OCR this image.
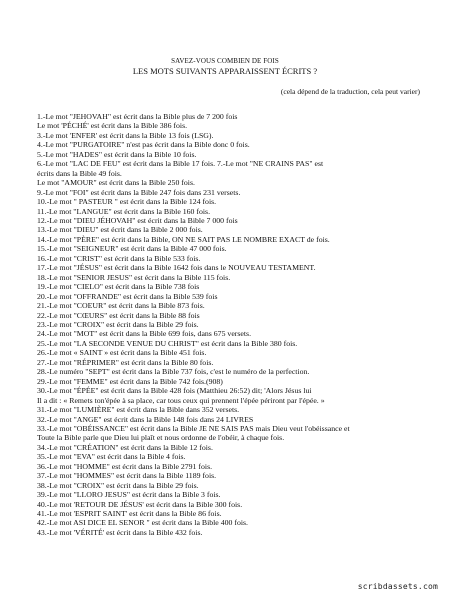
SAVEZ-VOUS COMBIEN DE FOIS
LES MOTS SUIVANTS APPARAISSENT ÉCRITS ?
(cela dépend de la traduction, cela peut varier)
1.-Le mot "JEHOVAH" est écrit dans la Bible plus de 7 200 fois
Le mot 'PÉCHÉ' est écrit dans la Bible 386 fois.
3.-Le mot 'ENFER' est écrit dans la Bible 13 fois (LSG).
4.-Le mot "PURGATOIRE" n'est pas écrit dans la Bible donc 0 fois.
5.-Le mot "HADES" est écrit dans la Bible 10 fois.
6.-Le mot "LAC DE FEU" est écrit dans la Bible 17 fois. 7.-Le mot "NE CRAINS PAS" est
écrits dans la Bible 49 fois.
Le mot "AMOUR" est écrit dans la Bible 250 fois.
9.-Le mot "FOI" est écrit dans la Bible 247 fois dans 231 versets.
10.-Le mot " PASTEUR " est écrit dans la Bible 124 fois.
11.-Le mot "LANGUE" est écrit dans la Bible 160 fois.
12.-Le mot "DIEU JÉHOVAH" est écrit dans la Bible 7 000 fois
13.-Le mot "DIEU" est écrit dans la Bible 2 000 fois.
14.-Le mot "PÈRE" est écrit dans la Bible, ON NE SAIT PAS LE NOMBRE EXACT de fois.
15.-Le mot "SEIGNEUR" est écrit dans la Bible 47 000 fois.
16.-Le mot "CRIST" est écrit dans la Bible 533 fois.
17.-Le mot "JÉSUS" est écrit dans la Bible 1642 fois dans le NOUVEAU TESTAMENT.
18.-Le mot "SENIOR JESUS" est écrit dans la Bible 115 fois.
19.-Le mot "CIELO" est écrit dans la Bible 738 fois
20.-Le mot "OFFRANDE" est écrit dans la Bible 539 fois
21.-Le mot "COEUR" est écrit dans la Bible 873 fois.
22.-Le mot "CŒURS" est écrit dans la Bible 88 fois
23.-Le mot "CROIX" est écrit dans la Bible 29 fois.
24.-Le mot "MOT" est écrit dans la Bible 699 fois, dans 675 versets.
25.-Le mot "LA SECONDE VENUE DU CHRIST" est écrit dans la Bible 380 fois.
26.-Le mot « SAINT » est écrit dans la Bible 451 fois.
27.-Le mot "RÉPRIMER" est écrit dans la Bible 80 fois.
28.-Le numéro "SEPT" est écrit dans la Bible 737 fois, c'est le numéro de la perfection.
29.-Le mot "FEMME" est écrit dans la Bible 742 fois.(908)
30.-Le mot "ÉPÉE" est écrit dans la Bible 428 fois (Matthieu 26:52) dit; 'Alors Jésus lui
Il a dit : « Remets ton'épée à sa place, car tous ceux qui prennent l'épée périront par l'épée. »
31.-Le mot "LUMIÈRE" est écrit dans la Bible dans 352 versets.
32.-Le mot "ANGE" est écrit dans la Bible 148 fois dans 24 LIVRES
33.-Le mot "OBÉISSANCE" est écrit dans la Bible JE NE SAIS PAS mais Dieu veut l'obéissance et
Toute la Bible parle que Dieu lui plaît et nous ordonne de l'obéir, à chaque fois.
34.-Le mot "CRÉATION" est écrit dans la Bible 12 fois.
35.-Le mot "EVA" est écrit dans la Bible 4 fois.
36.-Le mot "HOMME" est écrit dans la Bible 2791 fois.
37.-Le mot "HOMMES" est écrit dans la Bible 1189 fois.
38.-Le mot "CROIX" est écrit dans la Bible 29 fois.
39.-Le mot "LLORO JESUS" est écrit dans la Bible 3 fois.
40.-Le mot 'RETOUR DE JÉSUS' est écrit dans la Bible 300 fois.
41.-Le mot 'ESPRIT SAINT' est écrit dans la Bible 86 fois.
42.-Le mot ASI DICE EL SENOR " est écrit dans la Bible 400 fois.
43.-Le mot 'VÉRITÉ' est écrit dans la Bible 432 fois.
scribdassets.com
